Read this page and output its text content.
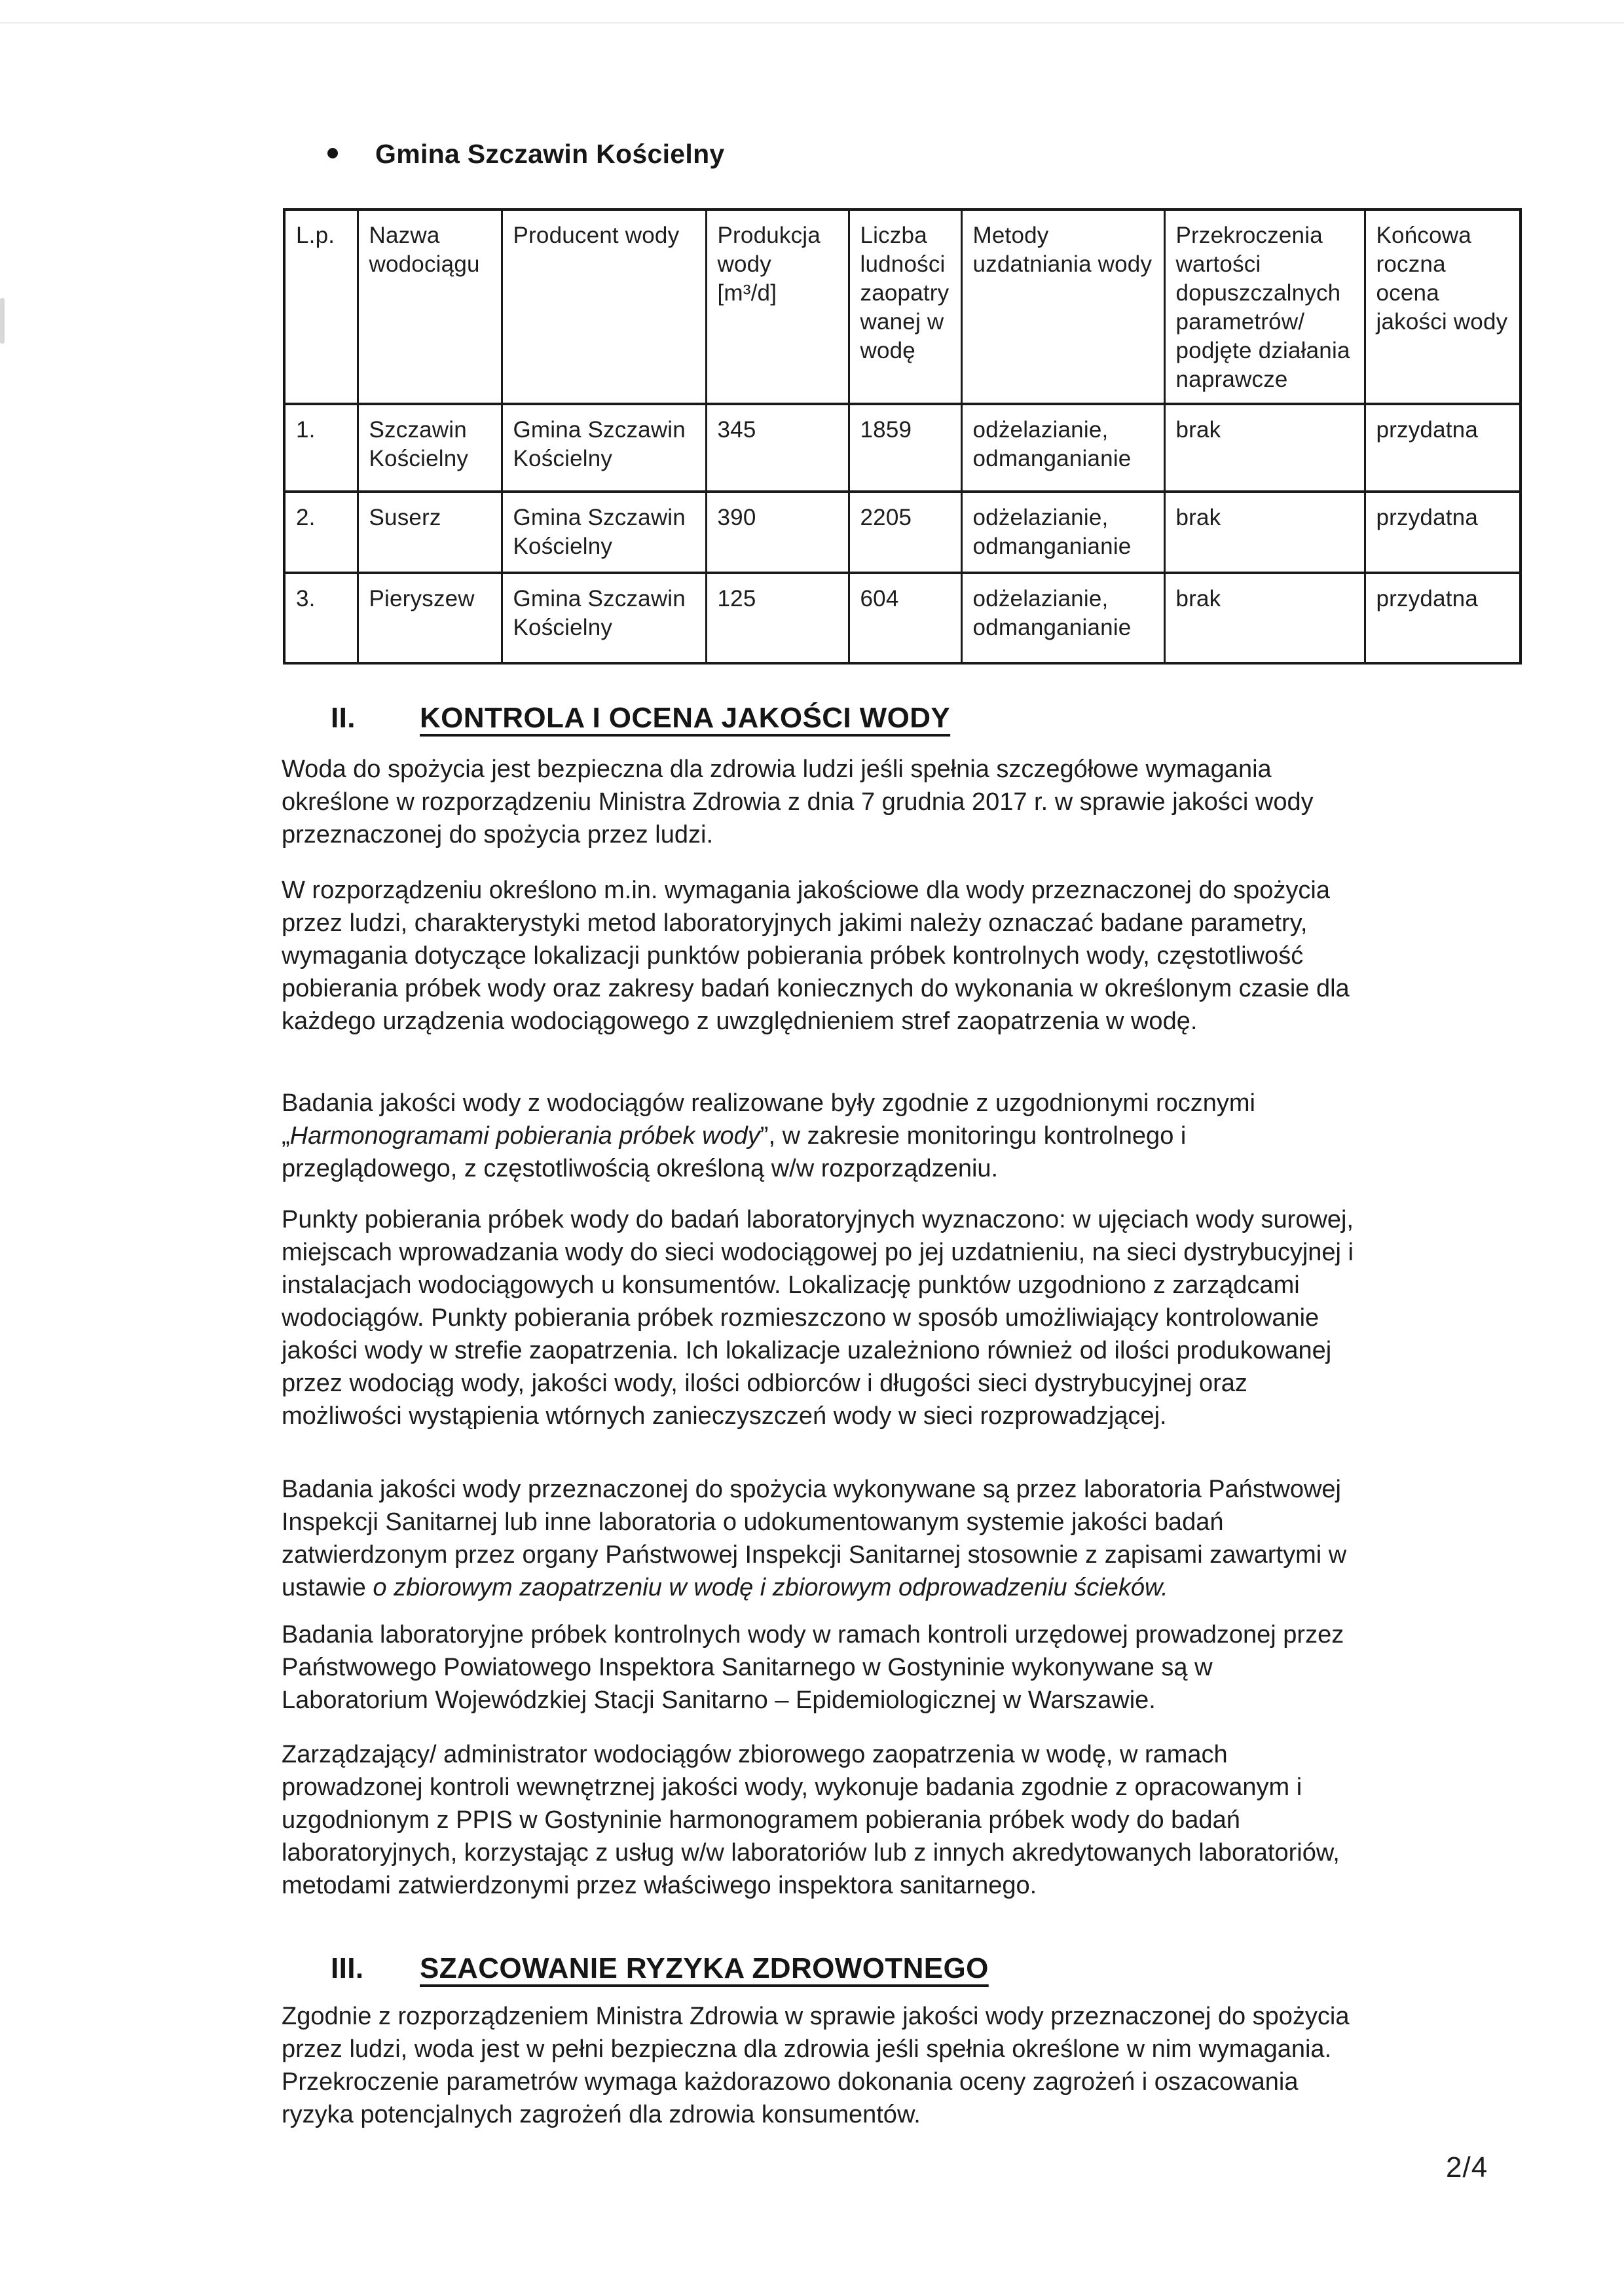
Gmina Szczawin Kościelny
L.p.	Nazwa wodociągu	Producent wody	Produkcja wody [m³/d]	Liczba ludności zaopatry wanej w wodę	Metody uzdatniania wody	Przekroczenia wartości dopuszczalnych parametrów/ podjęte działania naprawcze	Końcowa roczna ocena jakości wody
1.	Szczawin Kościelny	Gmina Szczawin Kościelny	345	1859	odżelazianie, odmanganianie	brak	przydatna
2.	Suserz	Gmina Szczawin Kościelny	390	2205	odżelazianie, odmanganianie	brak	przydatna
3.	Pieryszew	Gmina Szczawin Kościelny	125	604	odżelazianie, odmanganianie	brak	przydatna
II. KONTROLA I OCENA JAKOŚCI WODY
Woda do spożycia jest bezpieczna dla zdrowia ludzi jeśli spełnia szczegółowe wymagania określone w rozporządzeniu Ministra Zdrowia z dnia 7 grudnia 2017 r. w sprawie jakości wody przeznaczonej do spożycia przez ludzi.
W rozporządzeniu określono m.in. wymagania jakościowe dla wody przeznaczonej do spożycia przez ludzi, charakterystyki metod laboratoryjnych jakimi należy oznaczać badane parametry, wymagania dotyczące lokalizacji punktów pobierania próbek kontrolnych wody, częstotliwość pobierania próbek wody oraz zakresy badań koniecznych do wykonania w określonym czasie dla każdego urządzenia wodociągowego z uwzględnieniem stref zaopatrzenia w wodę.
Badania jakości wody z wodociągów realizowane były zgodnie z uzgodnionymi rocznymi „Harmonogramami pobierania próbek wody”, w zakresie monitoringu kontrolnego i przeglądowego, z częstotliwością określoną w/w rozporządzeniu.
Punkty pobierania próbek wody do badań laboratoryjnych wyznaczono: w ujęciach wody surowej, miejscach wprowadzania wody do sieci wodociągowej po jej uzdatnieniu, na sieci dystrybucyjnej i instalacjach wodociągowych u konsumentów. Lokalizację punktów uzgodniono z zarządcami wodociągów. Punkty pobierania próbek rozmieszczono w sposób umożliwiający kontrolowanie jakości wody w strefie zaopatrzenia. Ich lokalizacje uzależniono również od ilości produkowanej przez wodociąg wody, jakości wody, ilości odbiorców i długości sieci dystrybucyjnej oraz możliwości wystąpienia wtórnych zanieczyszczeń wody w sieci rozprowadzjącej.
Badania jakości wody przeznaczonej do spożycia wykonywane są przez laboratoria Państwowej Inspekcji Sanitarnej lub inne laboratoria o udokumentowanym systemie jakości badań zatwierdzonym przez organy Państwowej Inspekcji Sanitarnej stosownie z zapisami zawartymi w ustawie o zbiorowym zaopatrzeniu w wodę i zbiorowym odprowadzeniu ścieków.
Badania laboratoryjne próbek kontrolnych wody w ramach kontroli urzędowej prowadzonej przez Państwowego Powiatowego Inspektora Sanitarnego w Gostyninie wykonywane są w Laboratorium Wojewódzkiej Stacji Sanitarno – Epidemiologicznej w Warszawie.
Zarządzający/ administrator wodociągów zbiorowego zaopatrzenia w wodę, w ramach prowadzonej kontroli wewnętrznej jakości wody, wykonuje badania zgodnie z opracowanym i uzgodnionym z PPIS w Gostyninie harmonogramem pobierania próbek wody do badań laboratoryjnych, korzystając z usług w/w laboratoriów lub z innych akredytowanych laboratoriów, metodami zatwierdzonymi przez właściwego inspektora sanitarnego.
III. SZACOWANIE RYZYKA ZDROWOTNEGO
Zgodnie z rozporządzeniem Ministra Zdrowia w sprawie jakości wody przeznaczonej do spożycia przez ludzi, woda jest w pełni bezpieczna dla zdrowia jeśli spełnia określone w nim wymagania. Przekroczenie parametrów wymaga każdorazowo dokonania oceny zagrożeń i oszacowania ryzyka potencjalnych zagrożeń dla zdrowia konsumentów.
2/4
